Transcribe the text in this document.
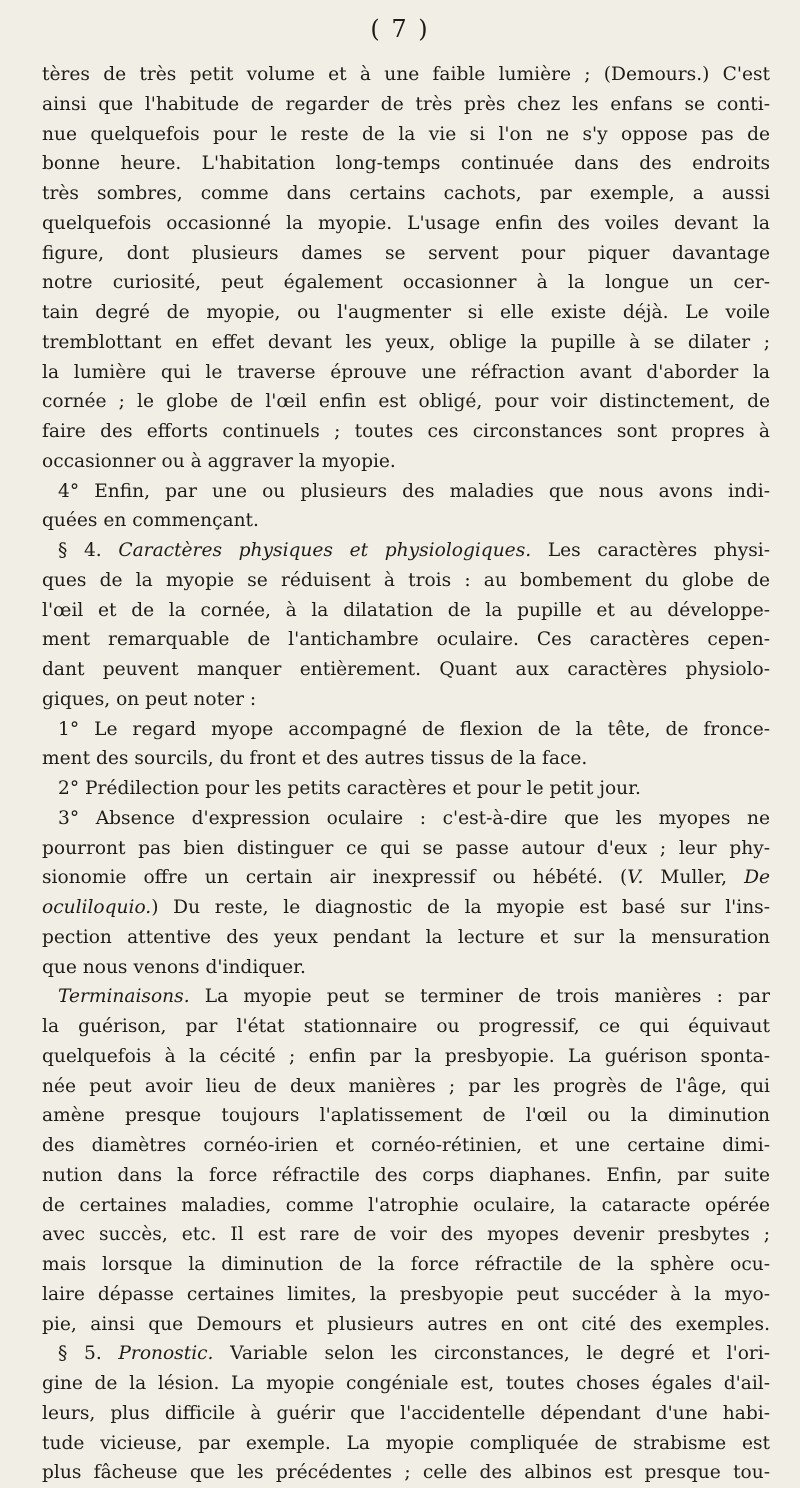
( 7 )
tères de très petit volume et à une faible lumière ; (Demours.) C'est
ainsi que l'habitude de regarder de très près chez les enfans se conti-
nue quelquefois pour le reste de la vie si l'on ne s'y oppose pas de
bonne heure. L'habitation long-temps continuée dans des endroits
très sombres, comme dans certains cachots, par exemple, a aussi
quelquefois occasionné la myopie. L'usage enfin des voiles devant la
figure, dont plusieurs dames se servent pour piquer davantage
notre curiosité, peut également occasionner à la longue un cer-
tain degré de myopie, ou l'augmenter si elle existe déjà. Le voile
tremblottant en effet devant les yeux, oblige la pupille à se dilater ;
la lumière qui le traverse éprouve une réfraction avant d'aborder la
cornée ; le globe de l'œil enfin est obligé, pour voir distinctement, de
faire des efforts continuels ; toutes ces circonstances sont propres à
occasionner ou à aggraver la myopie.
4° Enfin, par une ou plusieurs des maladies que nous avons indi-
quées en commençant.
§ 4. Caractères physiques et physiologiques. Les caractères physi-
ques de la myopie se réduisent à trois : au bombement du globe de
l'œil et de la cornée, à la dilatation de la pupille et au développe-
ment remarquable de l'antichambre oculaire. Ces caractères cepen-
dant peuvent manquer entièrement. Quant aux caractères physiolo-
giques, on peut noter :
1° Le regard myope accompagné de flexion de la tête, de fronce-
ment des sourcils, du front et des autres tissus de la face.
2° Prédilection pour les petits caractères et pour le petit jour.
3° Absence d'expression oculaire : c'est-à-dire que les myopes ne
pourront pas bien distinguer ce qui se passe autour d'eux ; leur phy-
sionomie offre un certain air inexpressif ou hébété. (V. Muller, De
oculiloquio.) Du reste, le diagnostic de la myopie est basé sur l'ins-
pection attentive des yeux pendant la lecture et sur la mensuration
que nous venons d'indiquer.
Terminaisons. La myopie peut se terminer de trois manières : par
la guérison, par l'état stationnaire ou progressif, ce qui équivaut
quelquefois à la cécité ; enfin par la presbyopie. La guérison sponta-
née peut avoir lieu de deux manières ; par les progrès de l'âge, qui
amène presque toujours l'aplatissement de l'œil ou la diminution
des diamètres cornéo-irien et cornéo-rétinien, et une certaine dimi-
nution dans la force réfractile des corps diaphanes. Enfin, par suite
de certaines maladies, comme l'atrophie oculaire, la cataracte opérée
avec succès, etc. Il est rare de voir des myopes devenir presbytes ;
mais lorsque la diminution de la force réfractile de la sphère ocu-
laire dépasse certaines limites, la presbyopie peut succéder à la myo-
pie, ainsi que Demours et plusieurs autres en ont cité des exemples.
§ 5. Pronostic. Variable selon les circonstances, le degré et l'ori-
gine de la lésion. La myopie congéniale est, toutes choses égales d'ail-
leurs, plus difficile à guérir que l'accidentelle dépendant d'une habi-
tude vicieuse, par exemple. La myopie compliquée de strabisme est
plus fâcheuse que les précédentes ; celle des albinos est presque tou-
